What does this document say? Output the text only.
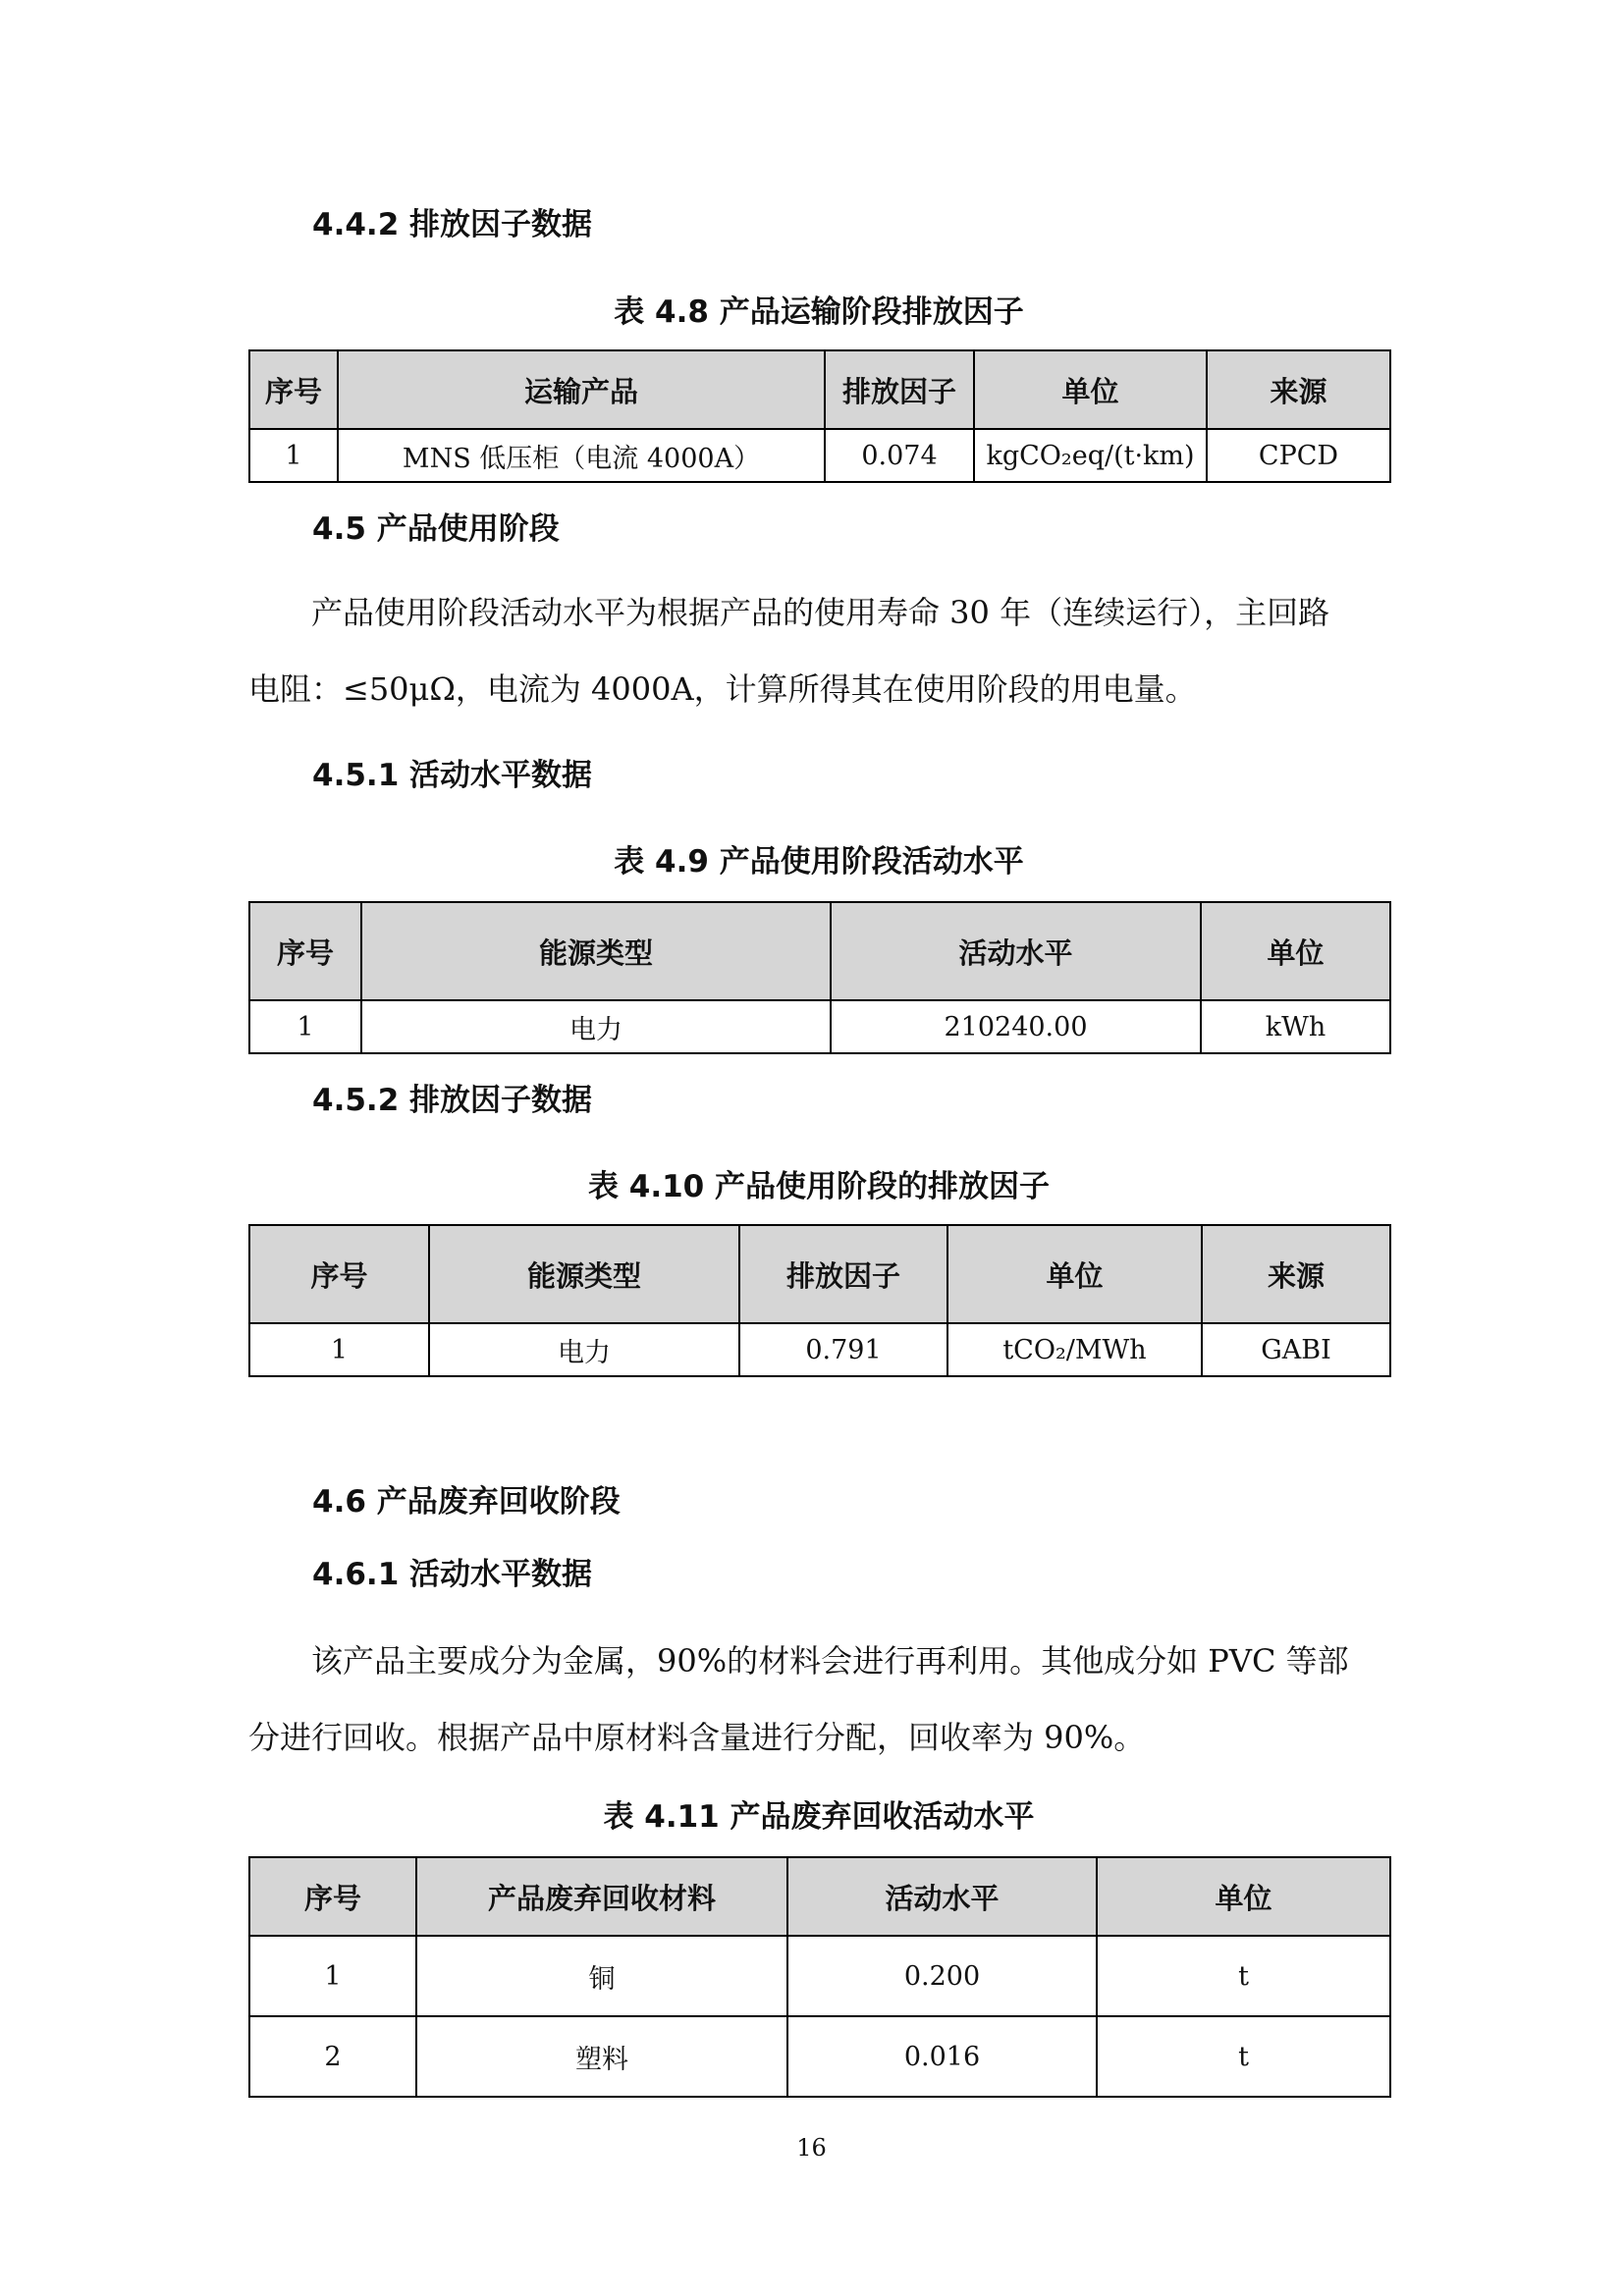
4.4.2 排放因子数据
表 4.8 产品运输阶段排放因子
序号	运输产品	排放因子	单位	来源
1	MNS 低压柜（电流 4000A）	0.074	kgCO₂eq/(t·km)	CPCD
4.5 产品使用阶段

产品使用阶段活动水平为根据产品的使用寿命 30 年（连续运行），主回路

电阻：≤50μΩ，电流为 4000A，计算所得其在使用阶段的用电量。

4.5.1 活动水平数据
表 4.9 产品使用阶段活动水平
序号	能源类型	活动水平	单位
1	电力	210240.00	kWh
4.5.2 排放因子数据
表 4.10 产品使用阶段的排放因子
序号	能源类型	排放因子	单位	来源
1	电力	0.791	tCO₂/MWh	GABI
4.6 产品废弃回收阶段
4.6.1 活动水平数据

该产品主要成分为金属，90%的材料会进行再利用。其他成分如 PVC 等部

分进行回收。根据产品中原材料含量进行分配，回收率为 90%。

表 4.11 产品废弃回收活动水平
序号	产品废弃回收材料	活动水平	单位
1	铜	0.200	t
2	塑料	0.016	t
16
